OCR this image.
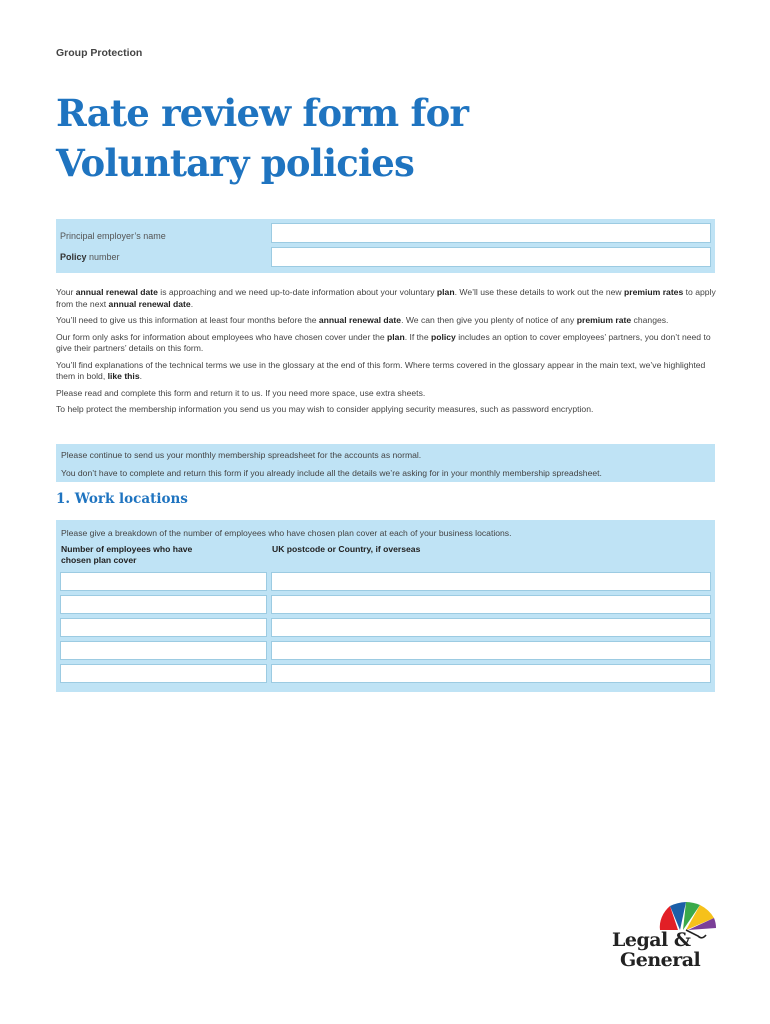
Group Protection
Rate review form for
Voluntary policies
Principal employer’s name
Policy number

Your annual renewal date is approaching and we need up-to-date information about your voluntary plan. We’ll use these details to work out the new premium rates to apply from the next annual renewal date.

You’ll need to give us this information at least four months before the annual renewal date. We can then give you plenty of notice of any premium rate changes.

Our form only asks for information about employees who have chosen cover under the plan. If the policy includes an option to cover employees’ partners, you don’t need to give their partners’ details on this form.

You’ll find explanations of the technical terms we use in the glossary at the end of this form. Where terms covered in the glossary appear in the main text, we’ve highlighted them in bold, like this.

Please read and complete this form and return it to us. If you need more space, use extra sheets.

To help protect the membership information you send us you may wish to consider applying security measures, such as password encryption.

Please continue to send us your monthly membership spreadsheet for the accounts as normal.

You don’t have to complete and return this form if you already include all the details we’re asking for in your monthly membership spreadsheet.

1. Work locations
Please give a breakdown of the number of employees who have chosen plan cover at each of your business locations.
Number of employees who have
chosen plan cover
UK postcode or Country, if overseas
Legal &
General
